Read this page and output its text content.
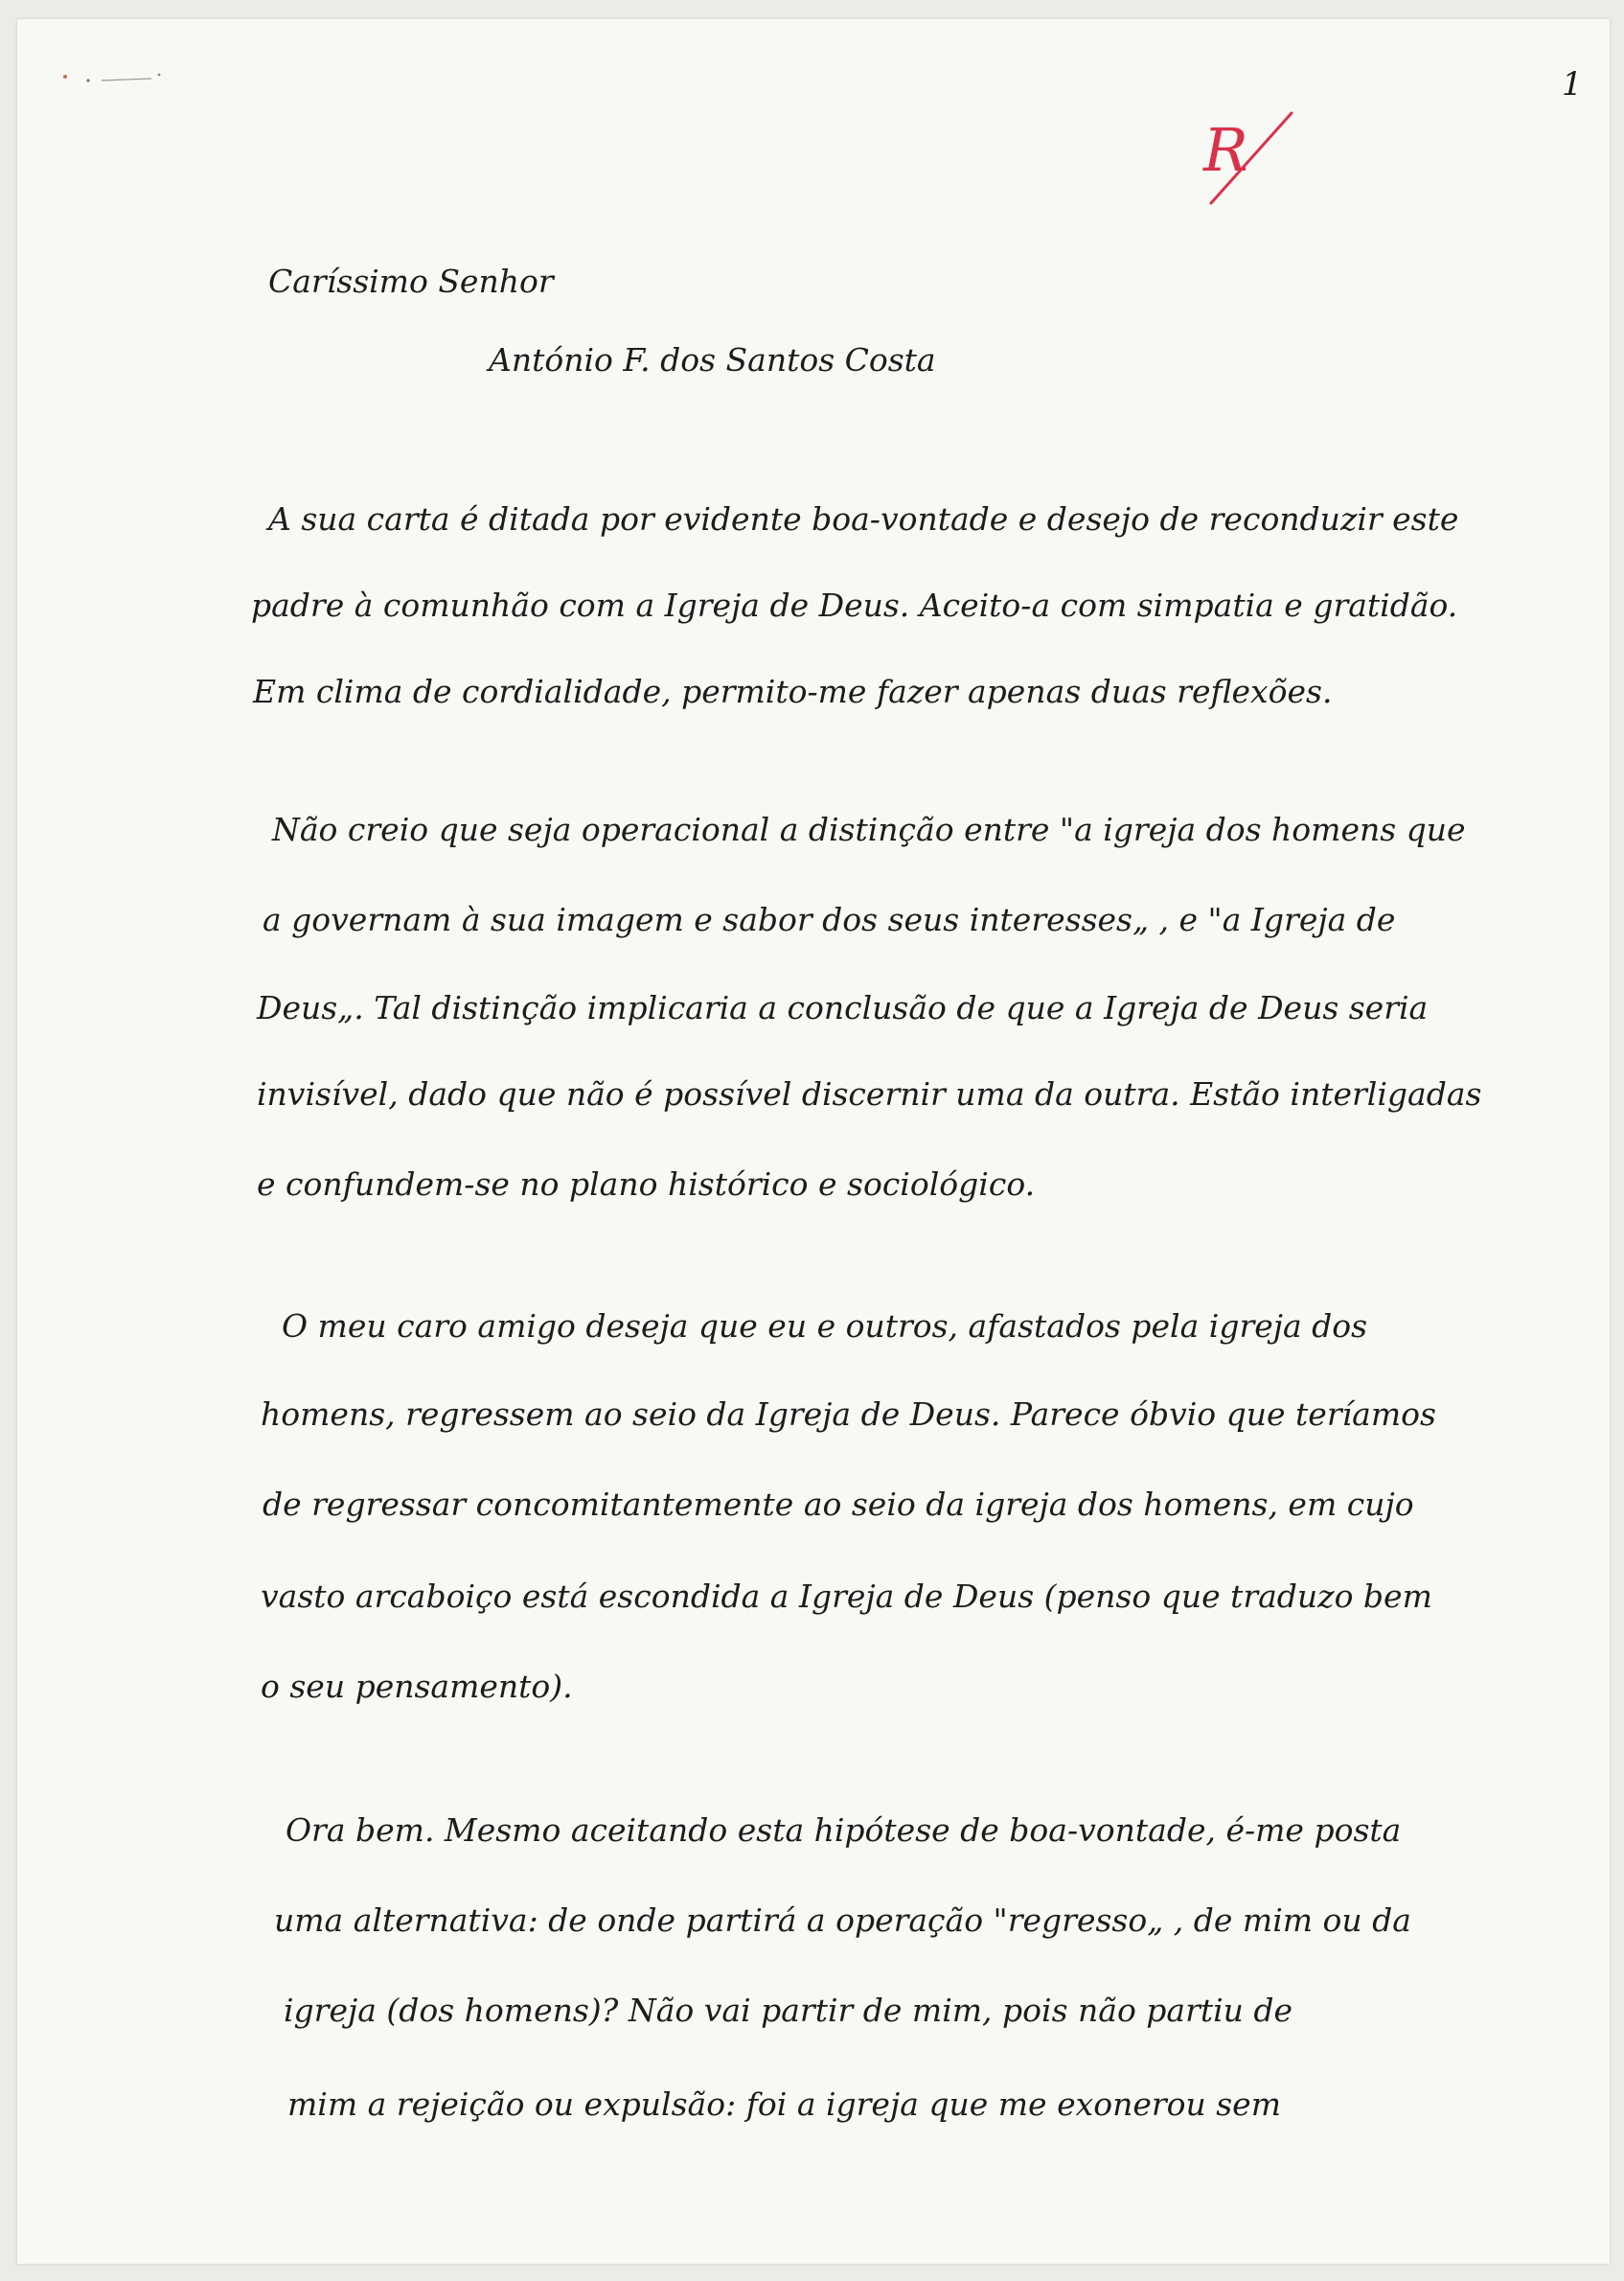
1
R
Caríssimo Senhor
António F. dos Santos Costa
A sua carta é ditada por evidente boa-vontade e desejo de reconduzir este
padre à comunhão com a Igreja de Deus. Aceito-a com simpatia e gratidão.
Em clima de cordialidade, permito-me fazer apenas duas reflexões.
Não creio que seja operacional a distinção entre "a igreja dos homens que
a governam à sua imagem e sabor dos seus interesses„ , e "a Igreja de
Deus„. Tal distinção implicaria a conclusão de que a Igreja de Deus seria
invisível, dado que não é possível discernir uma da outra. Estão interligadas
e confundem-se no plano histórico e sociológico.
O meu caro amigo deseja que eu e outros, afastados pela igreja dos
homens, regressem ao seio da Igreja de Deus. Parece óbvio que teríamos
de regressar concomitantemente ao seio da igreja dos homens, em cujo
vasto arcaboiço está escondida a Igreja de Deus (penso que traduzo bem
o seu pensamento).
Ora bem. Mesmo aceitando esta hipótese de boa-vontade, é-me posta
uma alternativa: de onde partirá a operação "regresso„ , de mim ou da
igreja (dos homens)? Não vai partir de mim, pois não partiu de
mim a rejeição ou expulsão: foi a igreja que me exonerou sem
